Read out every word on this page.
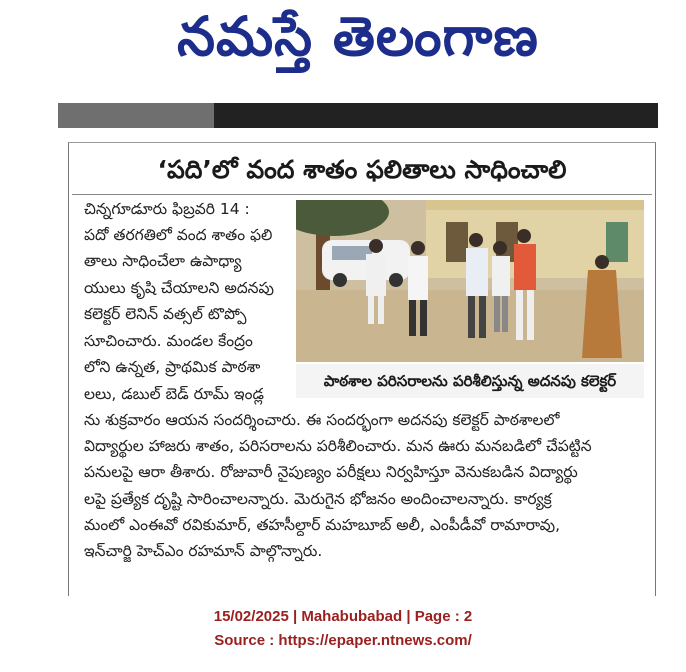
నమస్తే తెలంగాణ
‘పది’లో వంద శాతం ఫలితాలు సాధించాలి
చిన్నగూడూరు ఫిబ్రవరి 14 :
పదో తరగతిలో వంద శాతం ఫలి
తాలు సాధించేలా ఉపాధ్యా
యులు కృషి చేయాలని అదనపు
కలెక్టర్ లెనిన్ వత్సల్ టొప్పో
సూచించారు. మండల కేంద్రం
లోని ఉన్నత, ప్రాథమిక పాఠశా
లలు, డబుల్ బెడ్ రూమ్ ఇండ్ల
పాఠశాల పరిసరాలను పరిశీలిస్తున్న అదనపు కలెక్టర్
ను శుక్రవారం ఆయన సందర్శించారు. ఈ సందర్భంగా అదనపు కలెక్టర్ పాఠశాలలో
విద్యార్థుల హాజరు శాతం, పరిసరాలను పరిశీలించారు. మన ఊరు మనబడిలో చేపట్టిన
పనులపై ఆరా తీశారు. రోజువారీ నైపుణ్యం పరీక్షలు నిర్వహిస్తూ వెనుకబడిన విద్యార్థు
లపై ప్రత్యేక దృష్టి సారించాలన్నారు. మెరుగైన భోజనం అందించాలన్నారు. కార్యక్ర
మంలో ఎంఈవో రవికుమార్, తహసీల్దార్ మహబూబ్ అలీ, ఎంపీడీవో రామారావు,
ఇన్‌చార్జి హెచ్ఎం రహమాన్ పాల్గొన్నారు.
15/02/2025 | Mahabubabad | Page : 2
Source : https://epaper.ntnews.com/
